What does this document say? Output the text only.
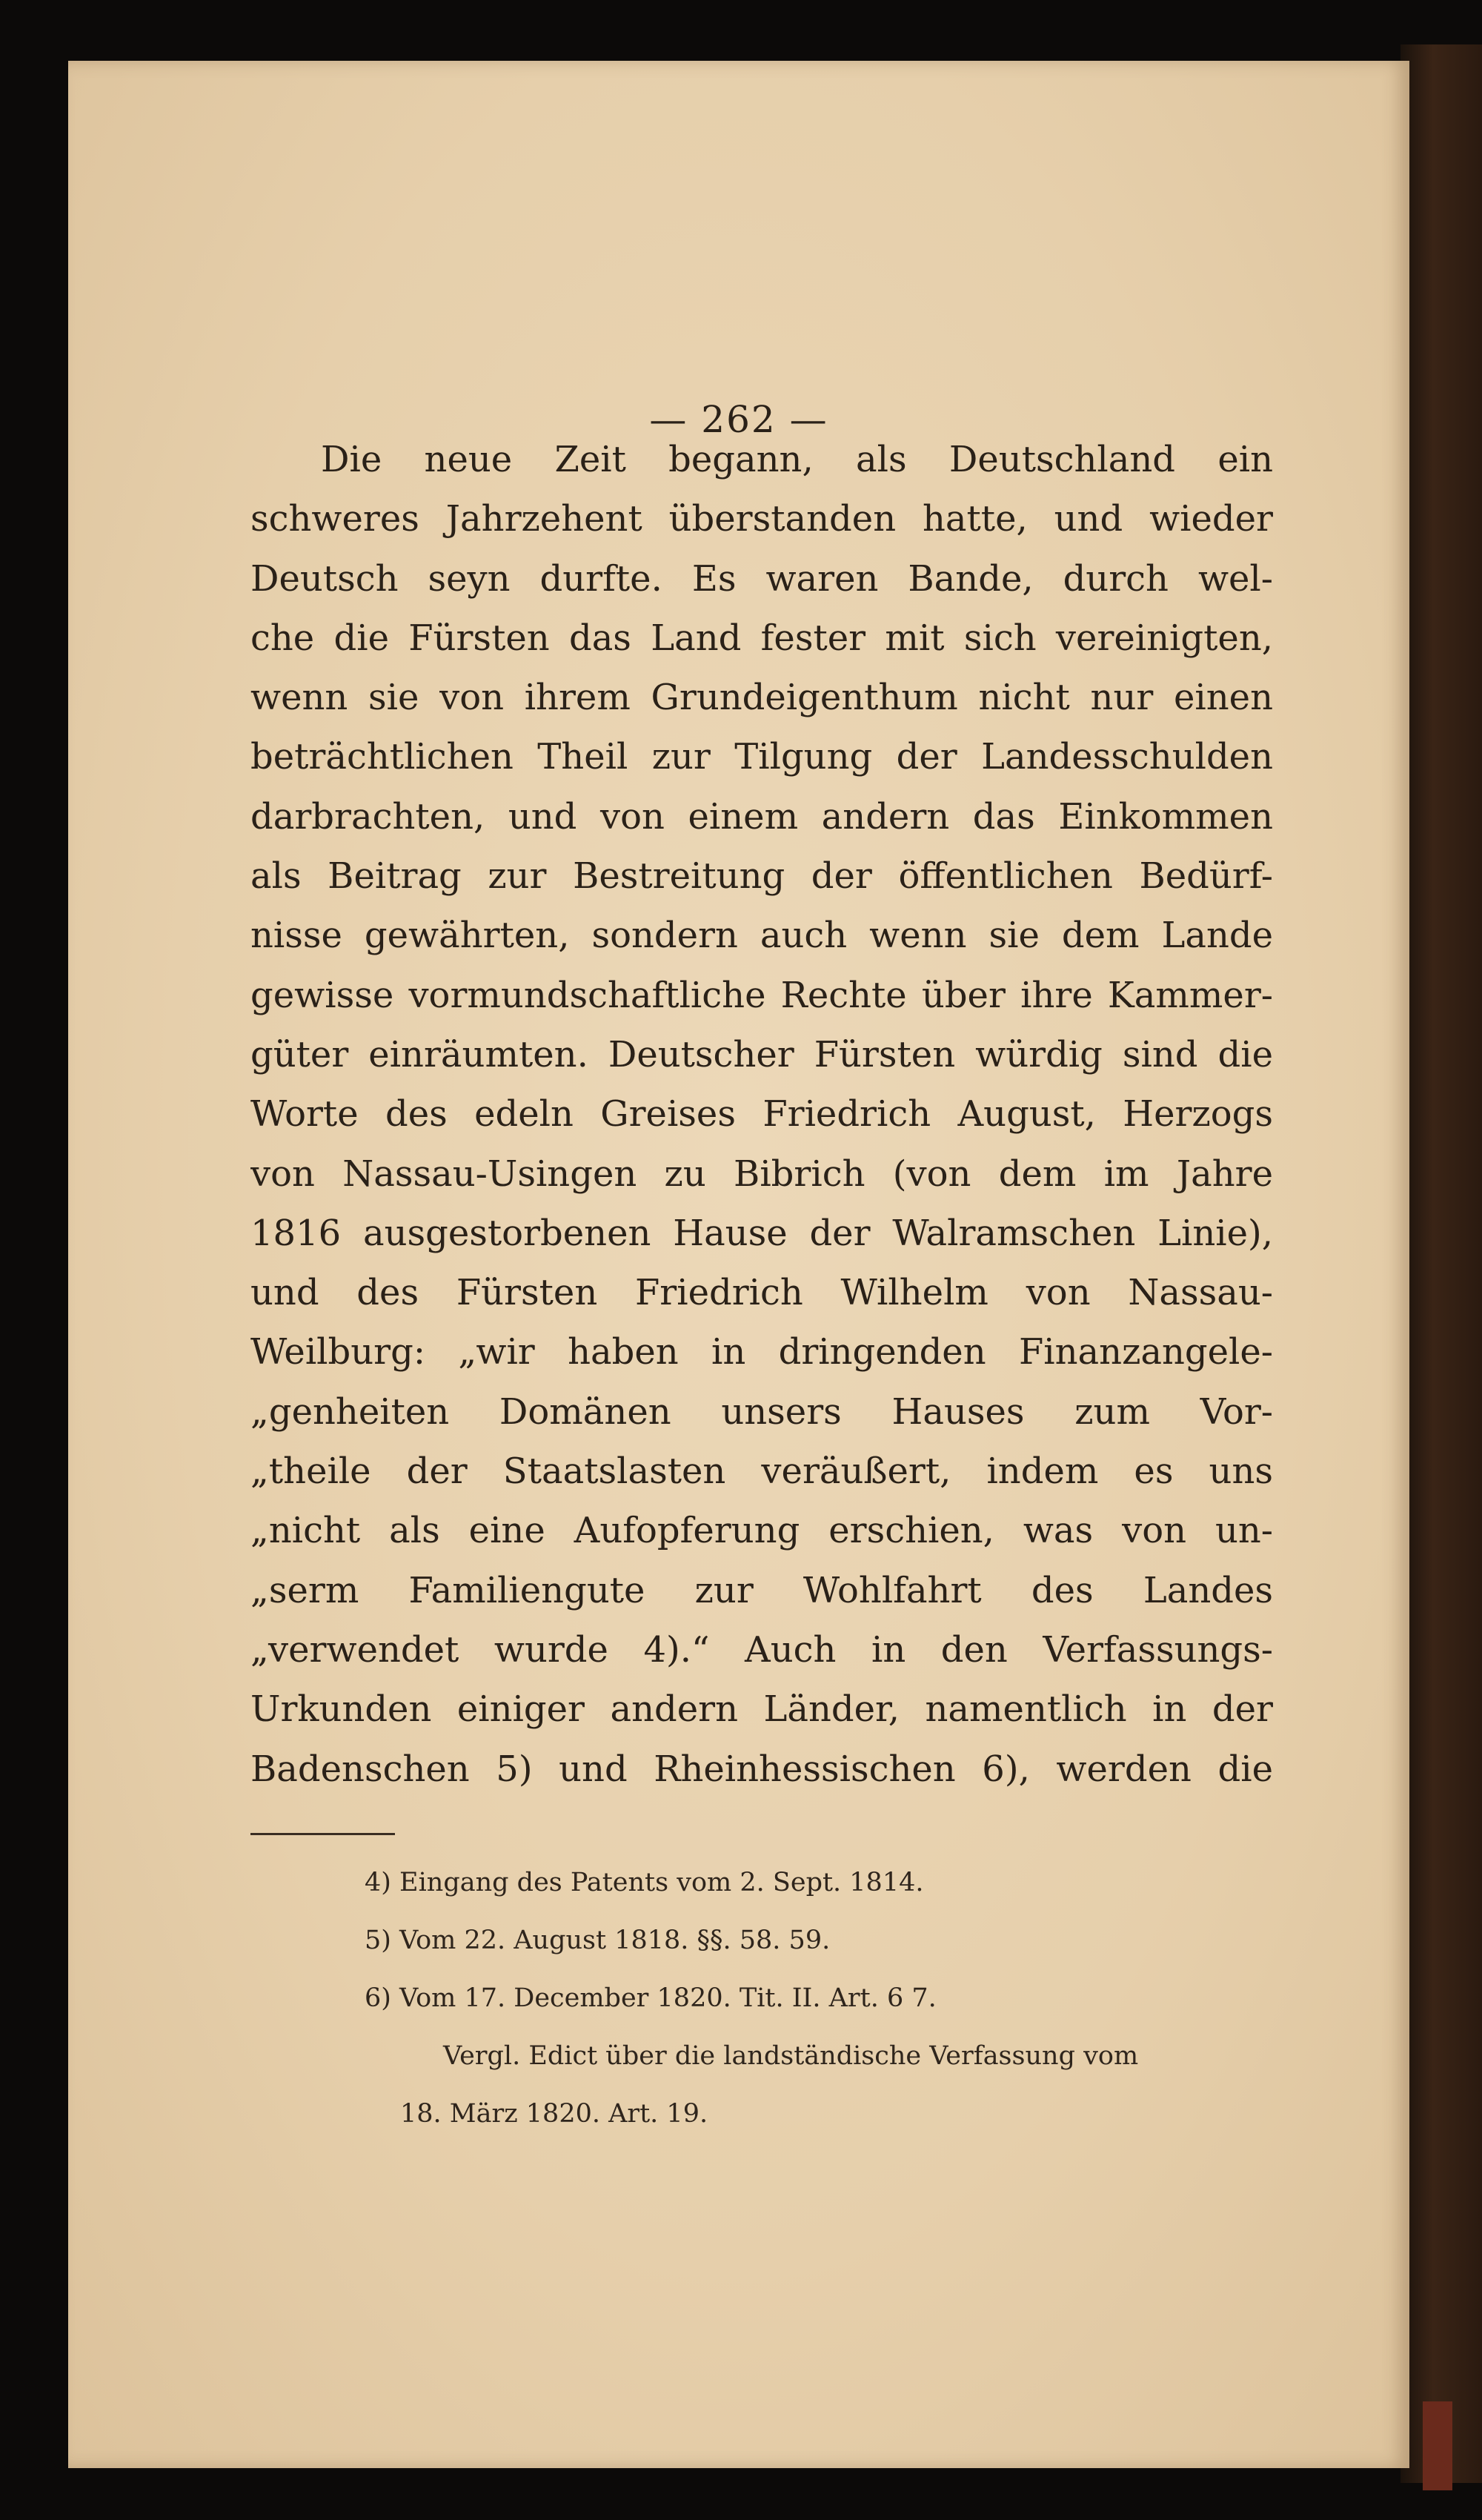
— 262 —
Die neue Zeit begann, als Deutschland ein
schweres Jahrzehent überstanden hatte, und wieder
Deutsch seyn durfte. Es waren Bande, durch wel-
che die Fürsten das Land fester mit sich vereinigten,
wenn sie von ihrem Grundeigenthum nicht nur einen
beträchtlichen Theil zur Tilgung der Landesschulden
darbrachten, und von einem andern das Einkommen
als Beitrag zur Bestreitung der öffentlichen Bedürf-
nisse gewährten, sondern auch wenn sie dem Lande
gewisse vormundschaftliche Rechte über ihre Kammer-
güter einräumten. Deutscher Fürsten würdig sind die
Worte des edeln Greises Friedrich August, Herzogs
von Nassau-Usingen zu Bibrich (von dem im Jahre
1816 ausgestorbenen Hause der Walramschen Linie),
und des Fürsten Friedrich Wilhelm von Nassau-
Weilburg: „wir haben in dringenden Finanzangele-
„genheiten Domänen unsers Hauses zum Vor-
„theile der Staatslasten veräußert, indem es uns
„nicht als eine Aufopferung erschien, was von un-
„serm Familiengute zur Wohlfahrt des Landes
„verwendet wurde 4).“ Auch in den Verfassungs-
Urkunden einiger andern Länder, namentlich in der
Badenschen 5) und Rheinhessischen 6), werden die
4) Eingang des Patents vom 2. Sept. 1814.
5) Vom 22. August 1818. §§. 58. 59.
6) Vom 17. December 1820. Tit. II. Art. 6 7.
Vergl. Edict über die landständische Verfassung vom
18. März 1820. Art. 19.
